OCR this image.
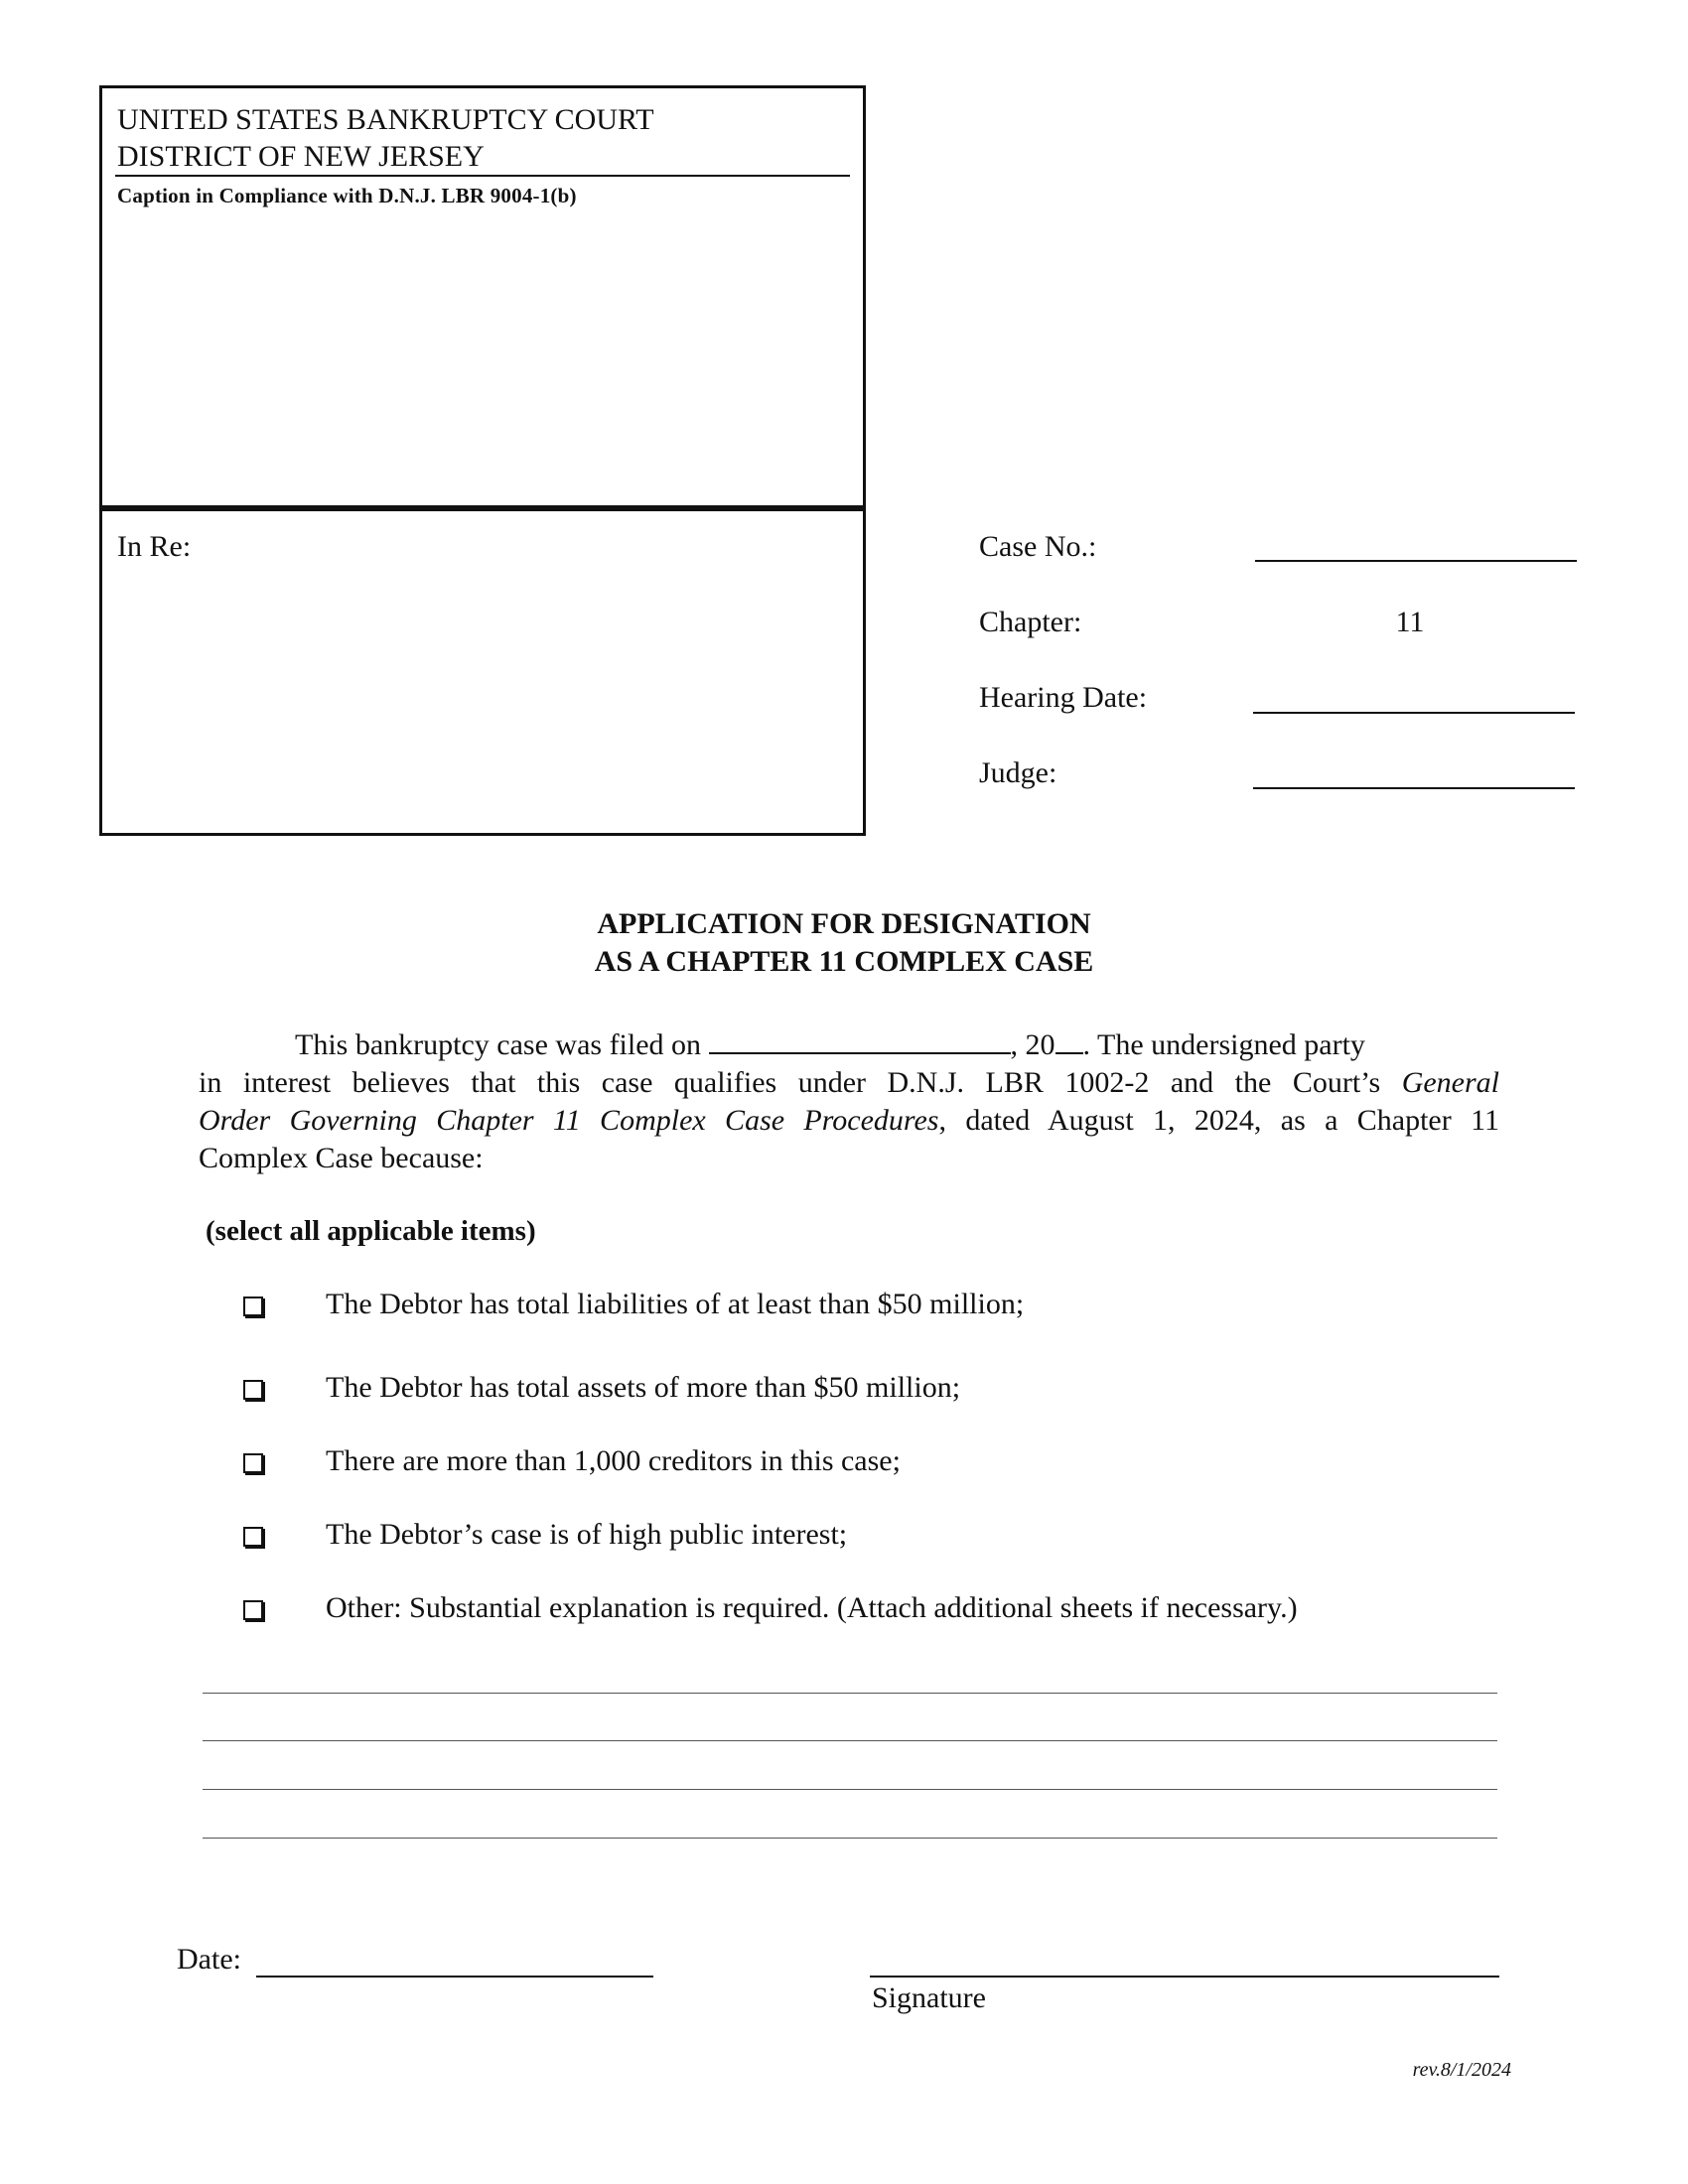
UNITED STATES BANKRUPTCY COURT
DISTRICT OF NEW JERSEY
Caption in Compliance with D.N.J. LBR 9004-1(b)
In Re:	Case No.:
Chapter:	11
Hearing Date:
Judge:
APPLICATION FOR DESIGNATION
AS A CHAPTER 11 COMPLEX CASE
This bankruptcy case was filed on	, 20 . The undersigned party
in interest believes that this case qualifies under D.N.J. LBR 1002-2 and the Court’s General
Order Governing Chapter 11 Complex Case Procedures, dated August 1, 2024, as a Chapter 11
Complex Case because:
(select all applicable items)
The Debtor has total liabilities of at least than $50 million;
The Debtor has total assets of more than $50 million;
There are more than 1,000 creditors in this case;
The Debtor’s case is of high public interest;
Other: Substantial explanation is required. (Attach additional sheets if necessary.)
Date:
Signature
rev.8/1/2024
